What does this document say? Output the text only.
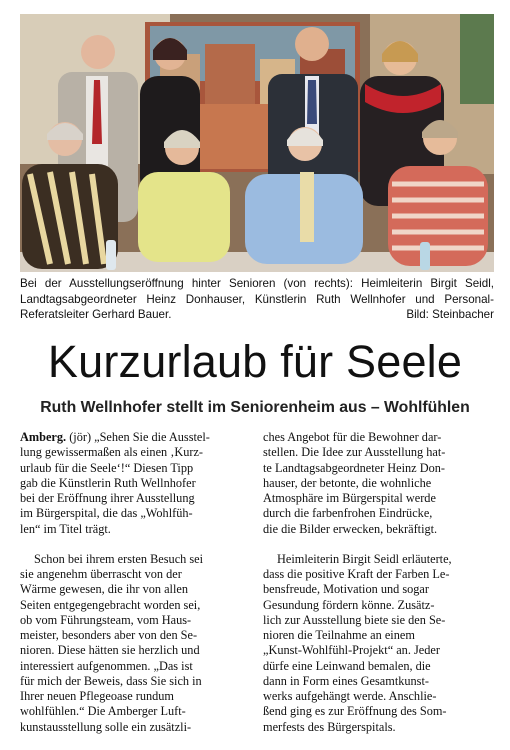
Bei der Ausstellungseröffnung hinter Senioren (von rechts): Heimleiterin Birgit Seidl, Landtagsabgeordneter Heinz Donhauser, Künstlerin Ruth Wellnhofer und Personal-Referatsleiter Gerhard Bauer.	Bild: Steinbacher
Kurzurlaub für Seele
Ruth Wellnhofer stellt im Seniorenheim aus – Wohlfühlen

Amberg. (jör) „Sehen Sie die Ausstel-
lung gewissermaßen als einen ‚Kurz-
urlaub für die Seele‘!“ Diesen Tipp
gab die Künstlerin Ruth Wellnhofer
bei der Eröffnung ihrer Ausstellung
im Bürgerspital, die das „Wohlfüh-
len“ im Titel trägt.

Schon bei ihrem ersten Besuch sei
sie angenehm überrascht von der
Wärme gewesen, die ihr von allen
Seiten entgegengebracht worden sei,
ob vom Führungsteam, vom Haus-
meister, besonders aber von den Se-
nioren. Diese hätten sie herzlich und
interessiert aufgenommen. „Das ist
für mich der Beweis, dass Sie sich in
Ihrer neuen Pflegeoase rundum
wohlfühlen.“ Die Amberger Luft-
kunstausstellung solle ein zusätzli-

ches Angebot für die Bewohner dar-
stellen. Die Idee zur Ausstellung hat-
te Landtagsabgeordneter Heinz Don-
hauser, der betonte, die wohnliche
Atmosphäre im Bürgerspital werde
durch die farbenfrohen Eindrücke,
die die Bilder erwecken, bekräftigt.

Heimleiterin Birgit Seidl erläuterte,
dass die positive Kraft der Farben Le-
bensfreude, Motivation und sogar
Gesundung fördern könne. Zusätz-
lich zur Ausstellung biete sie den Se-
nioren die Teilnahme an einem
„Kunst-Wohlfühl-Projekt“ an. Jeder
dürfe eine Leinwand bemalen, die
dann in Form eines Gesamtkunst-
werks aufgehängt werde. Anschlie-
ßend ging es zur Eröffnung des Som-
merfests des Bürgerspitals.
